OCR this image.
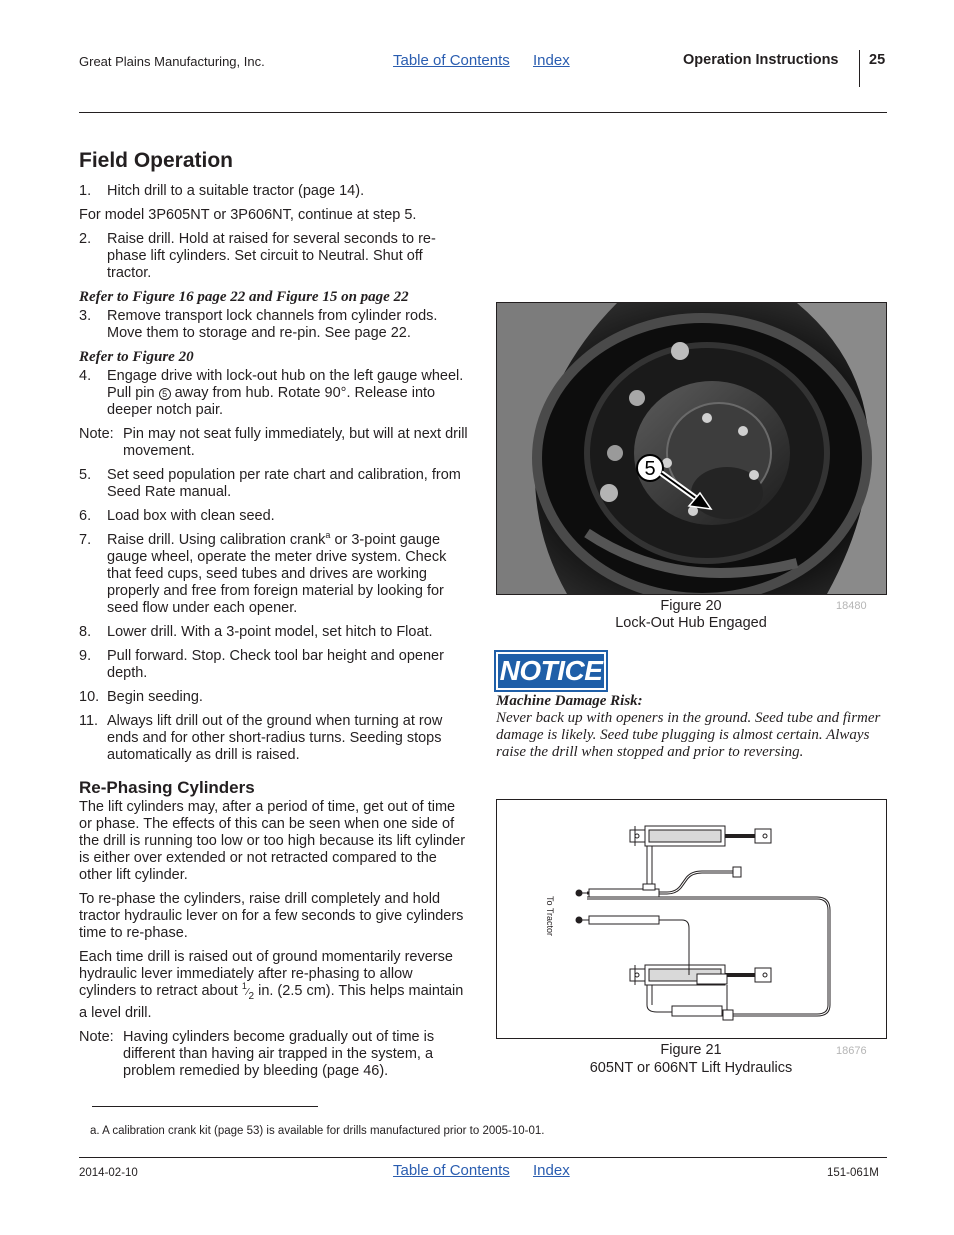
Great Plains Manufacturing, Inc.	Table of Contents Index	Operation Instructions 25
Field Operation
1.	Hitch drill to a suitable tractor (page 14).
For model 3P605NT or 3P606NT, continue at step 5.
2.	Raise drill. Hold at raised for several seconds to re-phase lift cylinders. Set circuit to Neutral. Shut off tractor.
Refer to Figure 16 page 22 and Figure 15 on page 22
3.	Remove transport lock channels from cylinder rods. Move them to storage and re-pin. See page 22.
Refer to Figure 20
4.	Engage drive with lock-out hub on the left gauge wheel. Pull pin 5 away from hub. Rotate 90°. Release into deeper notch pair.
Note: Pin may not seat fully immediately, but will at next drill movement.
5.	Set seed population per rate chart and calibration, from Seed Rate manual.
6.	Load box with clean seed.
7.	Raise drill. Using calibration crank$^a$ or 3-point gauge gauge wheel, operate the meter drive system. Check that feed cups, seed tubes and drives are working properly and free from foreign material by looking for seed flow under each opener.
8.	Lower drill. With a 3-point model, set hitch to Float.
9.	Pull forward. Stop. Check tool bar height and opener depth.
10. Begin seeding.
11. Always lift drill out of the ground when turning at row ends and for other short-radius turns. Seeding stops automatically as drill is raised.
Re-Phasing Cylinders
The lift cylinders may, after a period of time, get out of time or phase. The effects of this can be seen when one side of the drill is running too low or too high because its lift cylinder is either over extended or not retracted compared to the other lift cylinder.
To re-phase the cylinders, raise drill completely and hold tractor hydraulic lever on for a few seconds to give cylinders time to re-phase.
Each time drill is raised out of ground momentarily reverse hydraulic lever immediately after re-phasing to allow cylinders to retract about $^1⁄_2$ in. (2.5 cm). This helps maintain a level drill.
Note: Having cylinders become gradually out of time is different than having air trapped in the system, a problem remedied by bleeding (page 46).
5
Figure 20
Lock-Out Hub Engaged
18480
NOTICE
Machine Damage Risk:
Never back up with openers in the ground. Seed tube and firmer damage is likely. Seed tube plugging is almost certain. Always raise the drill when stopped and prior to reversing.
To Tractor
Figure 21
605NT or 606NT Lift Hydraulics
18676
a. A calibration crank kit (page 53) is available for drills manufactured prior to 2005-10-01.
2014-02-10	Table of Contents Index	151-061M
